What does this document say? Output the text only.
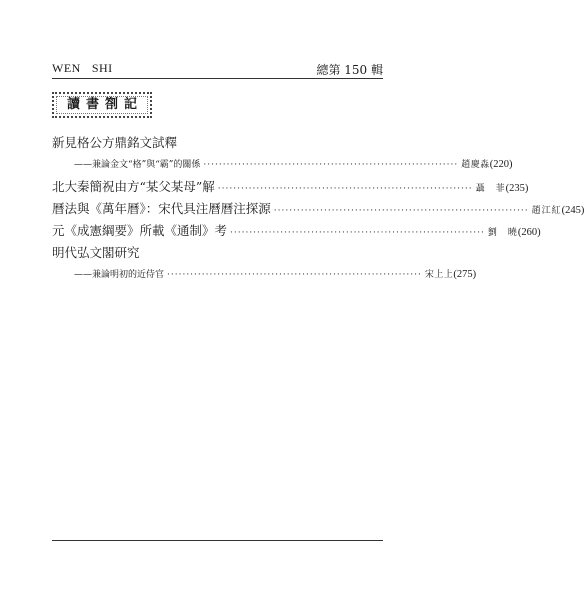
WEN SHI	總第 150 輯
讀書劄記
新見格公方鼎銘文試釋
——兼論金文“格”與“霸”的關係 ·································································· 趙慶淼 (220)
北大秦簡祝由方“某父某母”解 ·································································· 聶　菲 (235)
曆法與《萬年曆》：宋代具注曆曆注探源 ·································································· 趙江紅 (245)
元《成憲綱要》所載《通制》考 ·································································· 劉　曉 (260)
明代弘文閣研究
——兼論明初的近侍官 ·································································· 宋上上 (275)
